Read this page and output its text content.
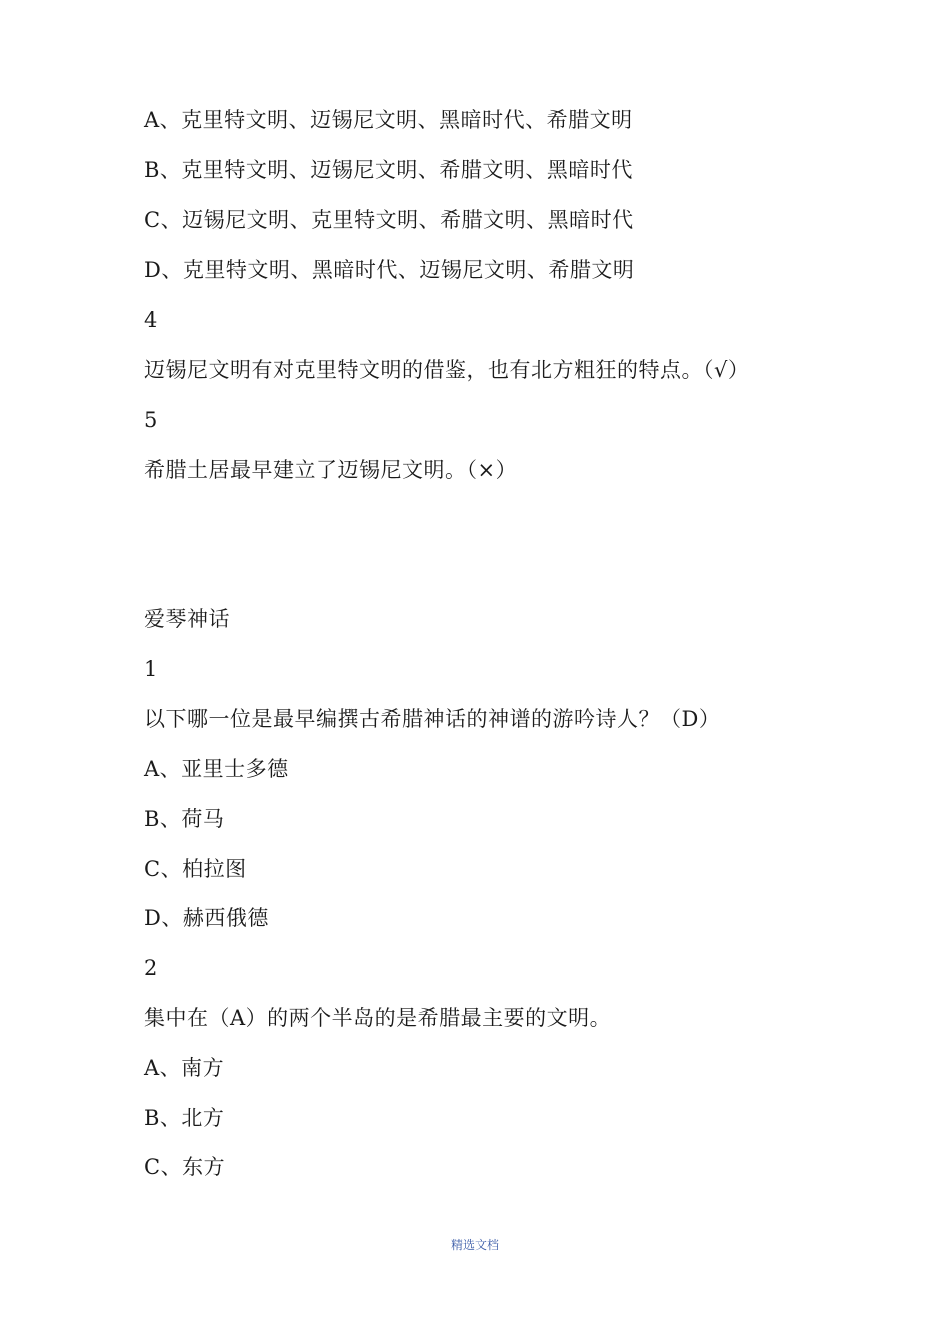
A、克里特文明、迈锡尼文明、黑暗时代、希腊文明
B、克里特文明、迈锡尼文明、希腊文明、黑暗时代
C、迈锡尼文明、克里特文明、希腊文明、黑暗时代
D、克里特文明、黑暗时代、迈锡尼文明、希腊文明
4
迈锡尼文明有对克里特文明的借鉴，也有北方粗狂的特点。（√）
5
希腊土居最早建立了迈锡尼文明。（×）
爱琴神话
1
以下哪一位是最早编撰古希腊神话的神谱的游吟诗人？（D）
A、亚里士多德
B、荷马
C、柏拉图
D、赫西俄德
2
集中在（A）的两个半岛的是希腊最主要的文明。
A、南方
B、北方
C、东方
精选文档
